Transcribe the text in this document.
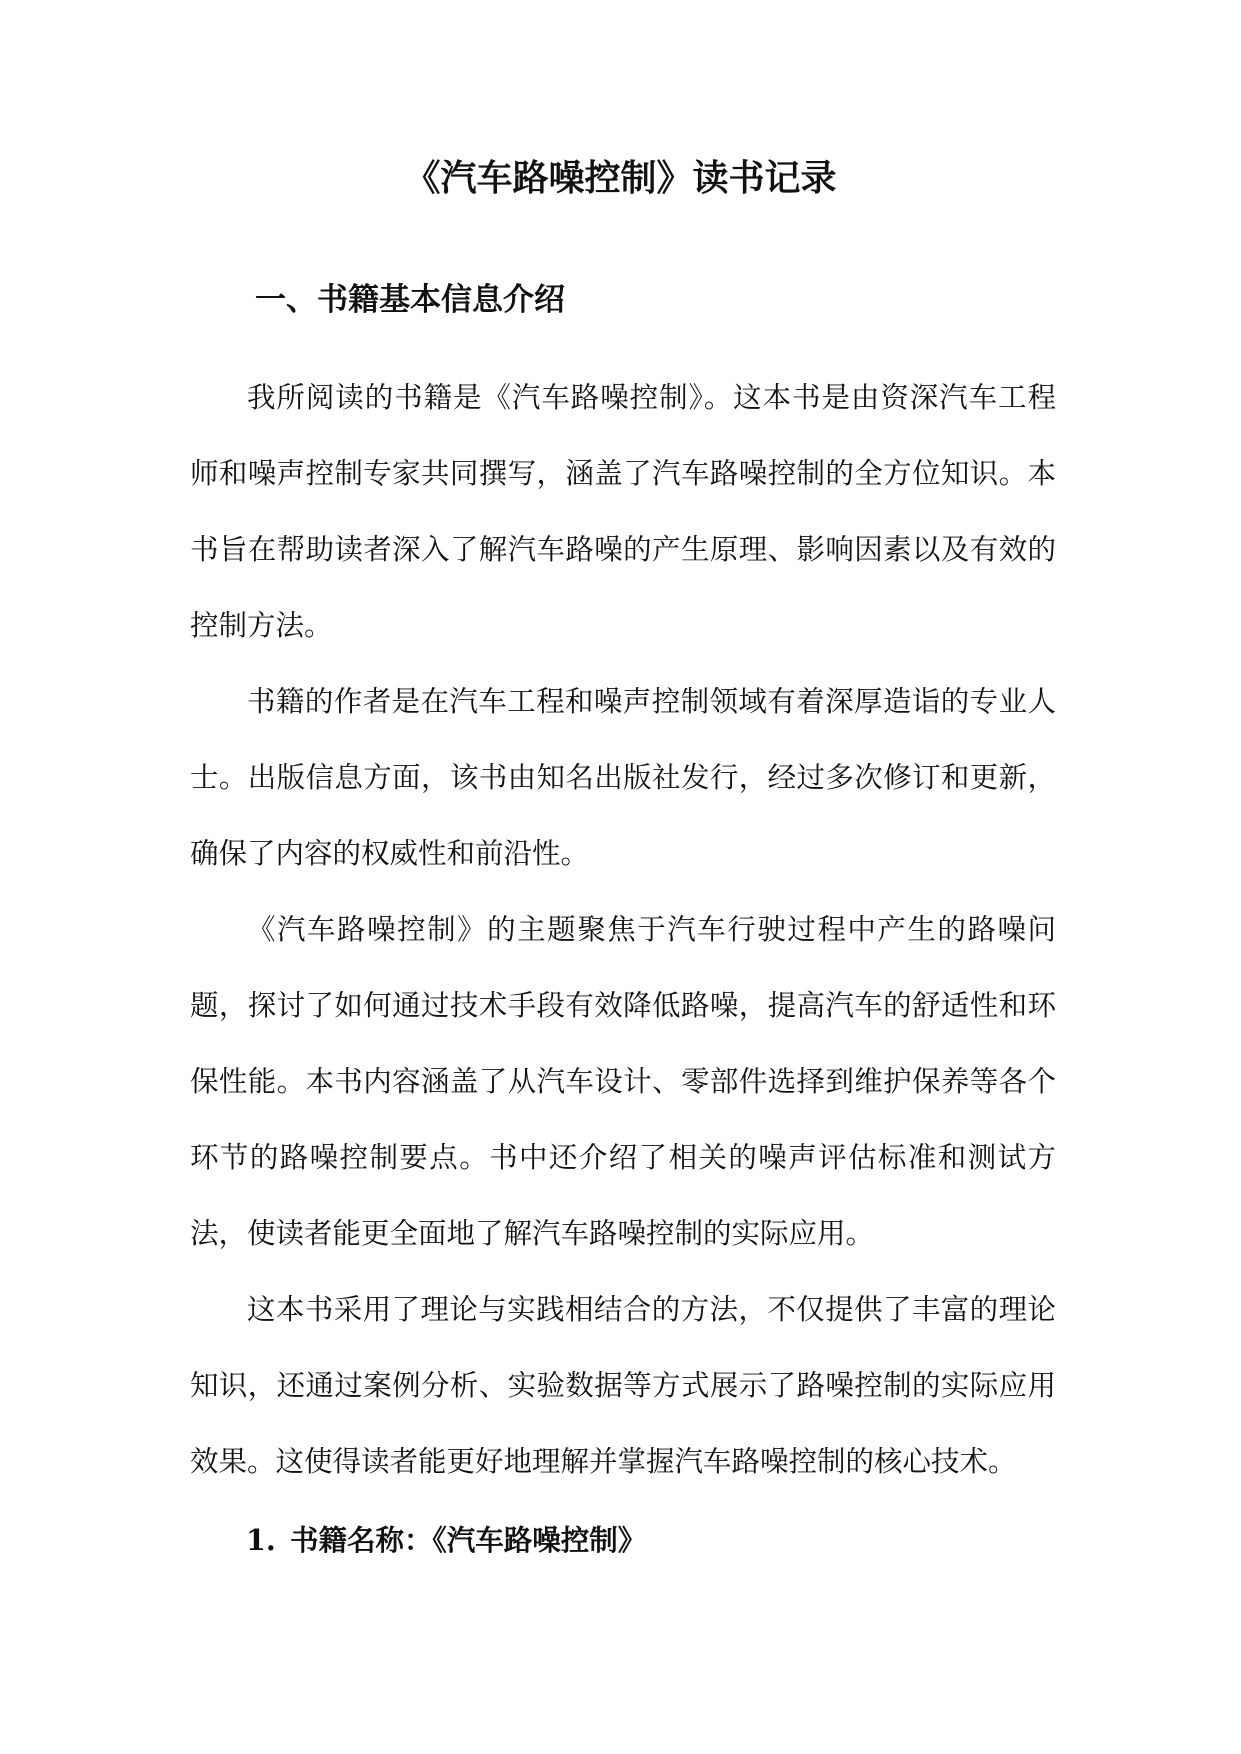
《汽车路噪控制》读书记录
一、书籍基本信息介绍

我所阅读的书籍是《汽车路噪控制》。这本书是由资深汽车工程师和噪声控制专家共同撰写，涵盖了汽车路噪控制的全方位知识。本书旨在帮助读者深入了解汽车路噪的产生原理、影响因素以及有效的控制方法。

书籍的作者是在汽车工程和噪声控制领域有着深厚造诣的专业人士。出版信息方面，该书由知名出版社发行，经过多次修订和更新，确保了内容的权威性和前沿性。

《汽车路噪控制》的主题聚焦于汽车行驶过程中产生的路噪问题，探讨了如何通过技术手段有效降低路噪，提高汽车的舒适性和环保性能。本书内容涵盖了从汽车设计、零部件选择到维护保养等各个环节的路噪控制要点。书中还介绍了相关的噪声评估标准和测试方法，使读者能更全面地了解汽车路噪控制的实际应用。

这本书采用了理论与实践相结合的方法，不仅提供了丰富的理论知识，还通过案例分析、实验数据等方式展示了路噪控制的实际应用效果。这使得读者能更好地理解并掌握汽车路噪控制的核心技术。

1. 书籍名称：《汽车路噪控制》
